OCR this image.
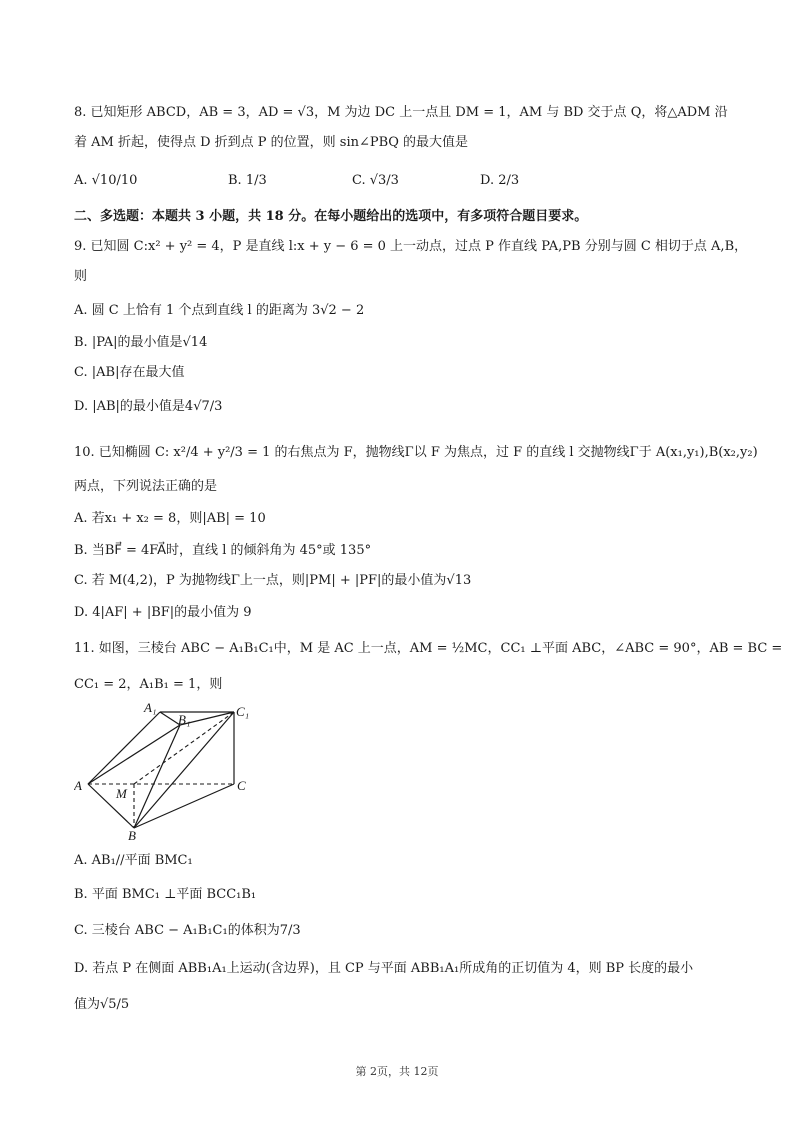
8. 已知矩形 ABCD，AB = 3，AD = √3，M 为边 DC 上一点且 DM = 1，AM 与 BD 交于点 Q，将△ADM 沿
着 AM 折起，使得点 D 折到点 P 的位置，则 sin∠PBQ 的最大值是
A. √10/10	B. 1/3	C. √3/3	D. 2/3
二、多选题：本题共 3 小题，共 18 分。在每小题给出的选项中，有多项符合题目要求。
9. 已知圆 C:x² + y² = 4，P 是直线 l:x + y − 6 = 0 上一动点，过点 P 作直线 PA,PB 分别与圆 C 相切于点 A,B，
则
A. 圆 C 上恰有 1 个点到直线 l 的距离为 3√2 − 2
B. |PA|的最小值是√14
C. |AB|存在最大值
D. |AB|的最小值是4√7/3
10. 已知椭圆 C: x²/4 + y²/3 = 1 的右焦点为 F，抛物线Γ以 F 为焦点，过 F 的直线 l 交抛物线Γ于 A(x₁,y₁),B(x₂,y₂)
两点，下列说法正确的是
A. 若x₁ + x₂ = 8，则|AB| = 10
B. 当BF⃗ = 4FA⃗时，直线 l 的倾斜角为 45°或 135°
C. 若 M(4,2)，P 为抛物线Γ上一点，则|PM| + |PF|的最小值为√13
D. 4|AF| + |BF|的最小值为 9
11. 如图，三棱台 ABC − A₁B₁C₁中，M 是 AC 上一点，AM = ½MC，CC₁ ⊥平面 ABC，∠ABC = 90°，AB = BC =
CC₁ = 2，A₁B₁ = 1，则
A₁
B₁
C₁
A
M
C
B
A. AB₁//平面 BMC₁
B. 平面 BMC₁ ⊥平面 BCC₁B₁
C. 三棱台 ABC − A₁B₁C₁的体积为7/3
D. 若点 P 在侧面 ABB₁A₁上运动(含边界)，且 CP 与平面 ABB₁A₁所成角的正切值为 4，则 BP 长度的最小
值为√5/5
第 2页，共 12页
